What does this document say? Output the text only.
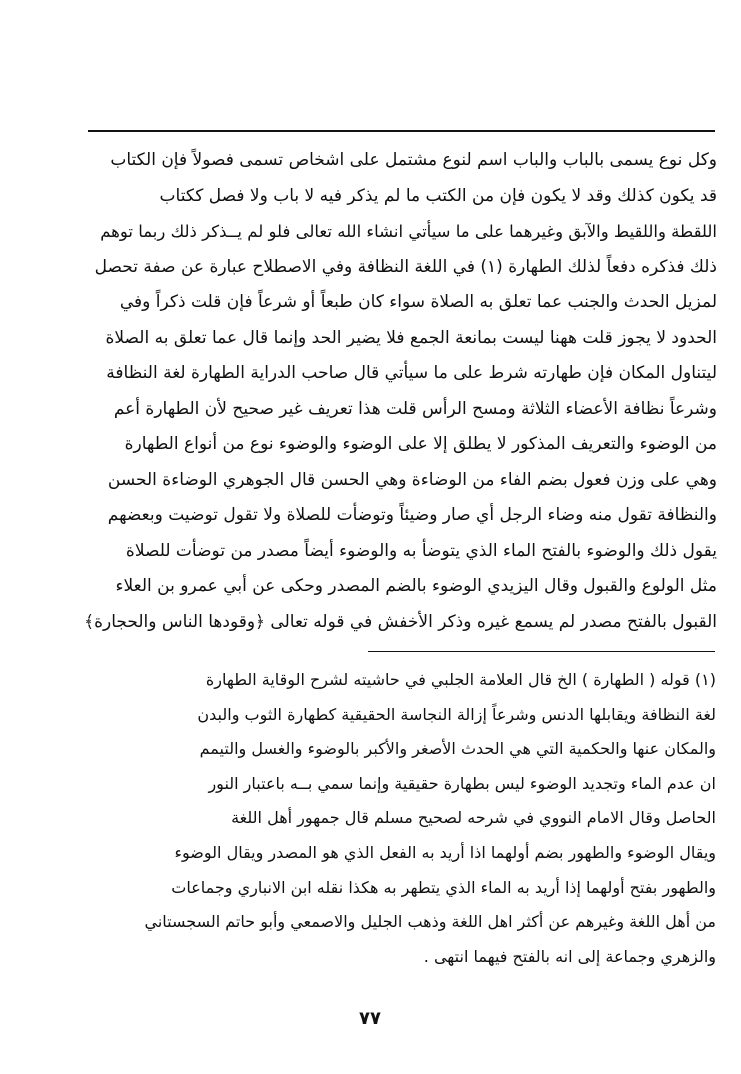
وكل نوع يسمى بالباب والباب اسم لنوع مشتمل على اشخاص تسمى فصولاً فإن الكتاب
قد يكون كذلك وقد لا يكون فإن من الكتب ما لم يذكر فيه لا باب ولا فصل ككتاب
اللقطة واللقيط والآبق وغيرهما على ما سيأتي انشاء الله تعالى فلو لم يــذكر ذلك ربما توهم
ذلك فذكره دفعاً لذلك الطهارة (١) في اللغة النظافة وفي الاصطلاح عبارة عن صفة تحصل
لمزيل الحدث والجنب عما تعلق به الصلاة سواء كان طبعاً أو شرعاً فإن قلت ذكراً وفي
الحدود لا يجوز قلت ههنا ليست بمانعة الجمع فلا يضير الحد وإنما قال عما تعلق به الصلاة
ليتناول المكان فإن طهارته شرط على ما سيأتي قال صاحب الدراية الطهارة لغة النظافة
وشرعاً نظافة الأعضاء الثلاثة ومسح الرأس قلت هذا تعريف غير صحيح لأن الطهارة أعم
من الوضوء والتعريف المذكور لا يطلق إلا على الوضوء والوضوء نوع من أنواع الطهارة
وهي على وزن فعول بضم الفاء من الوضاءة وهي الحسن قال الجوهري الوضاءة الحسن
والنظافة تقول منه وضاء الرجل أي صار وضيئاً وتوضأت للصلاة ولا تقول توضيت وبعضهم
يقول ذلك والوضوء بالفتح الماء الذي يتوضأ به والوضوء أيضاً مصدر من توضأت للصلاة
مثل الولوع والقبول وقال اليزيدي الوضوء بالضم المصدر وحكى عن أبي عمرو بن العلاء
القبول بالفتح مصدر لم يسمع غيره وذكر الأخفش في قوله تعالى ﴿وقودها الناس والحجارة﴾
(١) قوله ( الطهارة ) الخ قال العلامة الجلبي في حاشيته لشرح الوقاية الطهارة
لغة النظافة ويقابلها الدنس وشرعاً إزالة النجاسة الحقيقية كطهارة الثوب والبدن
والمكان عنها والحكمية التي هي الحدث الأصغر والأكبر بالوضوء والغسل والتيمم
ان عدم الماء وتجديد الوضوء ليس بطهارة حقيقية وإنما سمي بــه باعتبار النور
الحاصل وقال الامام النووي في شرحه لصحيح مسلم قال جمهور أهل اللغة
ويقال الوضوء والطهور بضم أولهما اذا أريد به الفعل الذي هو المصدر ويقال الوضوء
والطهور بفتح أولهما إذا أريد به الماء الذي يتطهر به هكذا نقله ابن الانباري وجماعات
من أهل اللغة وغيرهم عن أكثر اهل اللغة وذهب الجليل والاصمعي وأبو حاتم السجستاني
والزهري وجماعة إلى انه بالفتح فيهما انتهى .
٧٧
